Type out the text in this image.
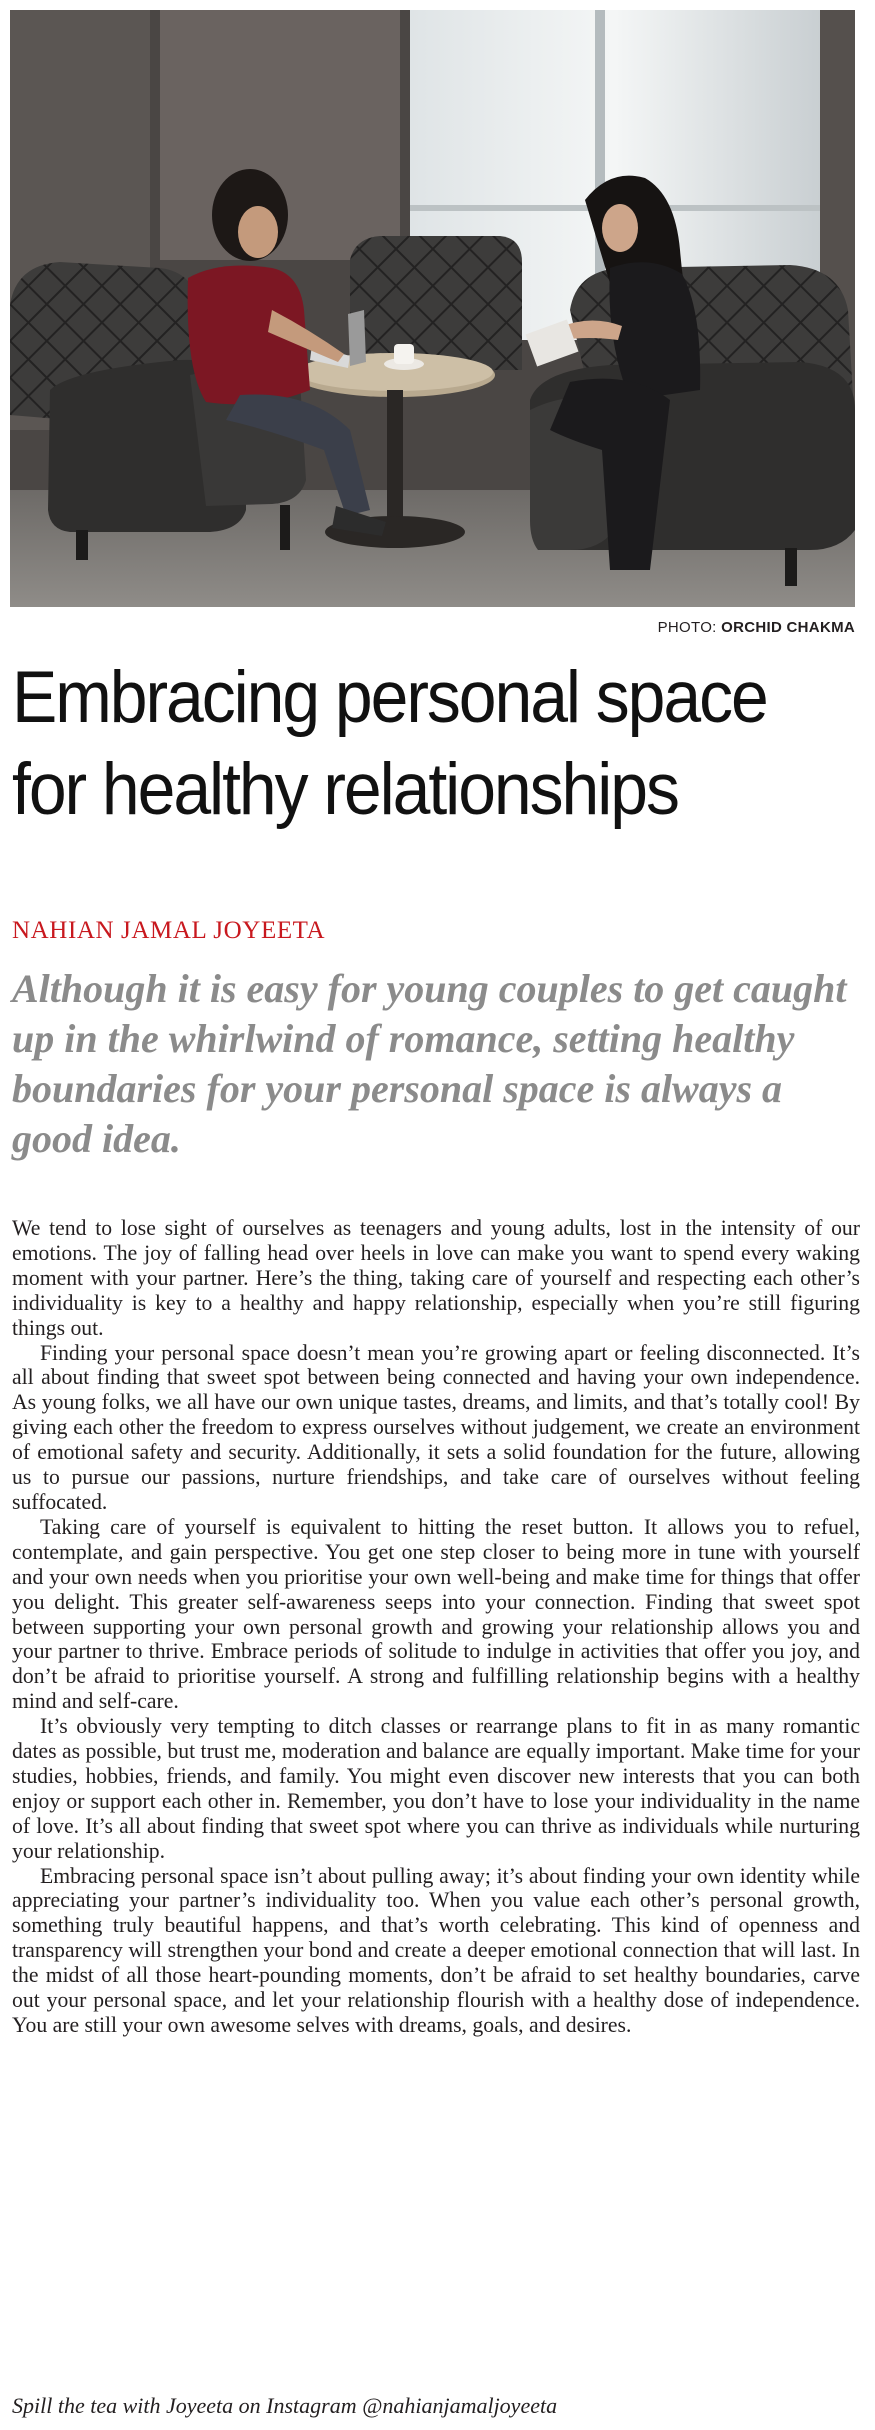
PHOTO: ORCHID CHAKMA
Embracing personal space for healthy relationships
NAHIAN JAMAL JOYEETA

Although it is easy for young couples to get caught up in the whirlwind of romance, setting healthy boundaries for your personal space is always a good idea.

We tend to lose sight of ourselves as teenagers and young adults, lost in the intensity of our emotions. The joy of falling head over heels in love can make you want to spend every waking moment with your partner. Here’s the thing, taking care of yourself and respecting each other’s individuality is key to a healthy and happy relationship, especially when you’re still figuring things out.

Finding your personal space doesn’t mean you’re growing apart or feeling disconnected. It’s all about finding that sweet spot between being connected and having your own independence. As young folks, we all have our own unique tastes, dreams, and limits, and that’s totally cool! By giving each other the freedom to express ourselves without judgement, we create an environment of emotional safety and security. Additionally, it sets a solid foundation for the future, allowing us to pursue our passions, nurture friendships, and take care of ourselves without feeling suffocated.

Taking care of yourself is equivalent to hitting the reset button. It allows you to refuel, contemplate, and gain perspective. You get one step closer to being more in tune with yourself and your own needs when you prioritise your own well-being and make time for things that offer you delight. This greater self-awareness seeps into your connection. Finding that sweet spot between supporting your own personal growth and growing your relationship allows you and your partner to thrive. Embrace periods of solitude to indulge in activities that offer you joy, and don’t be afraid to prioritise yourself. A strong and fulfilling relationship begins with a healthy mind and self-care.

It’s obviously very tempting to ditch classes or rearrange plans to fit in as many romantic dates as possible, but trust me, moderation and balance are equally important. Make time for your studies, hobbies, friends, and family. You might even discover new interests that you can both enjoy or support each other in. Remember, you don’t have to lose your individuality in the name of love. It’s all about finding that sweet spot where you can thrive as individuals while nurturing your relationship.

Embracing personal space isn’t about pulling away; it’s about finding your own identity while appreciating your partner’s individuality too. When you value each other’s personal growth, something truly beautiful happens, and that’s worth celebrating. This kind of openness and transparency will strengthen your bond and create a deeper emotional connection that will last. In the midst of all those heart-pounding moments, don’t be afraid to set healthy boundaries, carve out your personal space, and let your relationship flourish with a healthy dose of independence. You are still your own awesome selves with dreams, goals, and desires.

Spill the tea with Joyeeta on Instagram @nahianjamaljoyeeta
